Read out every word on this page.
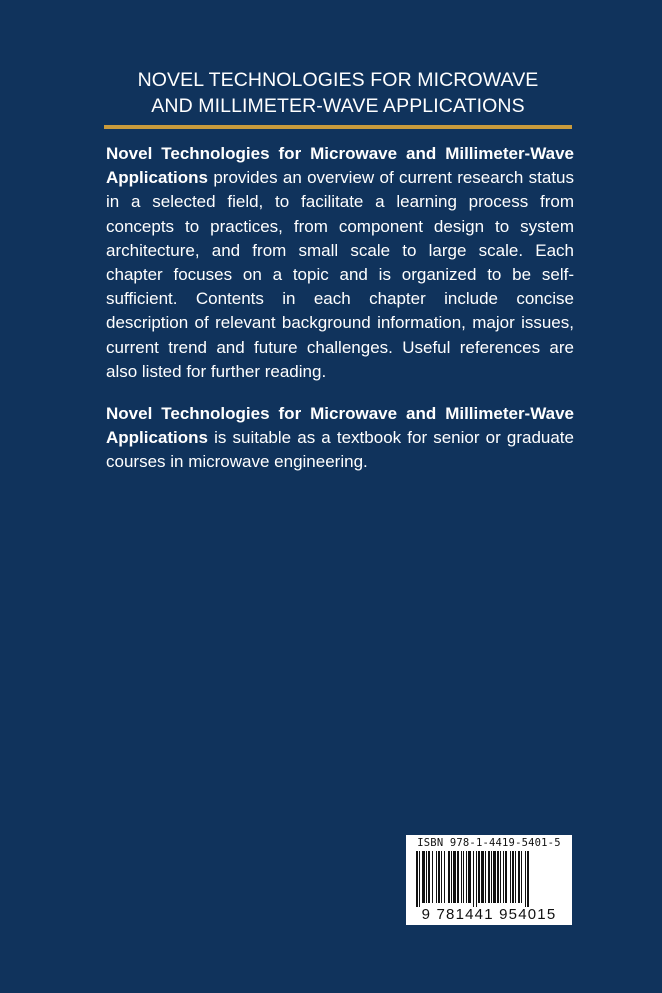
NOVEL TECHNOLOGIES FOR MICROWAVE
AND MILLIMETER-WAVE APPLICATIONS

Novel Technologies for Microwave and Millimeter-Wave Applications provides an overview of current research status in a selected field, to facilitate a learning process from concepts to practices, from component design to system architecture, and from small scale to large scale. Each chapter focuses on a topic and is organized to be self-sufficient. Contents in each chapter include concise description of relevant background information, major issues, current trend and future challenges. Useful references are also listed for further reading.

Novel Technologies for Microwave and Millimeter-Wave Applications is suitable as a textbook for senior or graduate courses in microwave engineering.

ISBN 978-1-4419-5401-5
9 781441 954015
